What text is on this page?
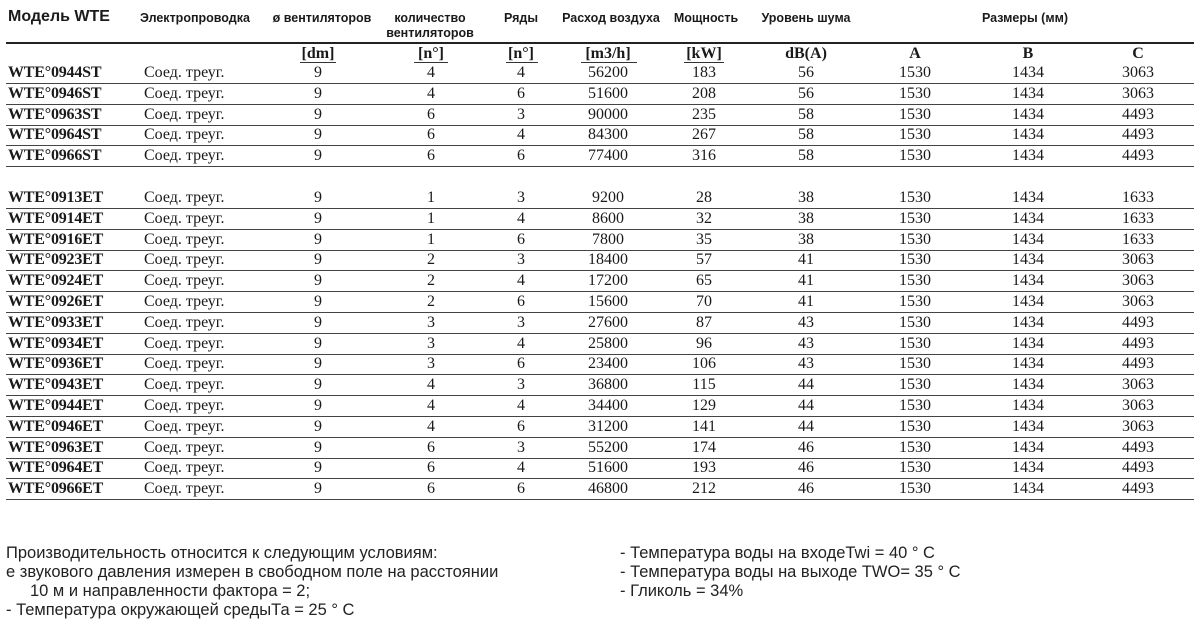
Модель WTE Электропроводка	ø вентиляторов	количество
вентиляторов
Ряды	Расход воздуха	Мощность	Уровень шума	Размеры (мм)
[dm]	[n°]	[n°]	[m3/h]	[kW]	dB(A)	A	B	C
WTE°0944ST	Соед. треуг.	9	4	4	56200	183	56	1530	1434	3063
WTE°0946ST	Соед. треуг.	9	4	6	51600	208	56	1530	1434	3063
WTE°0963ST	Соед. треуг.	9	6	3	90000	235	58	1530	1434	4493
WTE°0964ST	Соед. треуг.	9	6	4	84300	267	58	1530	1434	4493
WTE°0966ST	Соед. треуг.	9	6	6	77400	316	58	1530	1434	4493
WTE°0913ET	Соед. треуг.	9	1	3	9200	28	38	1530	1434	1633
WTE°0914ET	Соед. треуг.	9	1	4	8600	32	38	1530	1434	1633
WTE°0916ET	Соед. треуг.	9	1	6	7800	35	38	1530	1434	1633
WTE°0923ET	Соед. треуг.	9	2	3	18400	57	41	1530	1434	3063
WTE°0924ET	Соед. треуг.	9	2	4	17200	65	41	1530	1434	3063
WTE°0926ET	Соед. треуг.	9	2	6	15600	70	41	1530	1434	3063
WTE°0933ET	Соед. треуг.	9	3	3	27600	87	43	1530	1434	4493
WTE°0934ET	Соед. треуг.	9	3	4	25800	96	43	1530	1434	4493
WTE°0936ET	Соед. треуг.	9	3	6	23400	106	43	1530	1434	4493
WTE°0943ET	Соед. треуг.	9	4	3	36800	115	44	1530	1434	3063
WTE°0944ET	Соед. треуг.	9	4	4	34400	129	44	1530	1434	3063
WTE°0946ET	Соед. треуг.	9	4	6	31200	141	44	1530	1434	3063
WTE°0963ET	Соед. треуг.	9	6	3	55200	174	46	1530	1434	4493
WTE°0964ET	Соед. треуг.	9	6	4	51600	193	46	1530	1434	4493
WTE°0966ET	Соед. треуг.	9	6	6	46800	212	46	1530	1434	4493
Производительность относится к следующим условиям:
е звукового давления измерен в свободном поле на расстоянии
10 м и направленности фактора = 2;
- Температура окружающей средыТа = 25 ° С
- Температура воды на входеTwi = 40 ° С
- Температура воды на выходе TWO= 35 ° С
- Гликоль = 34%
